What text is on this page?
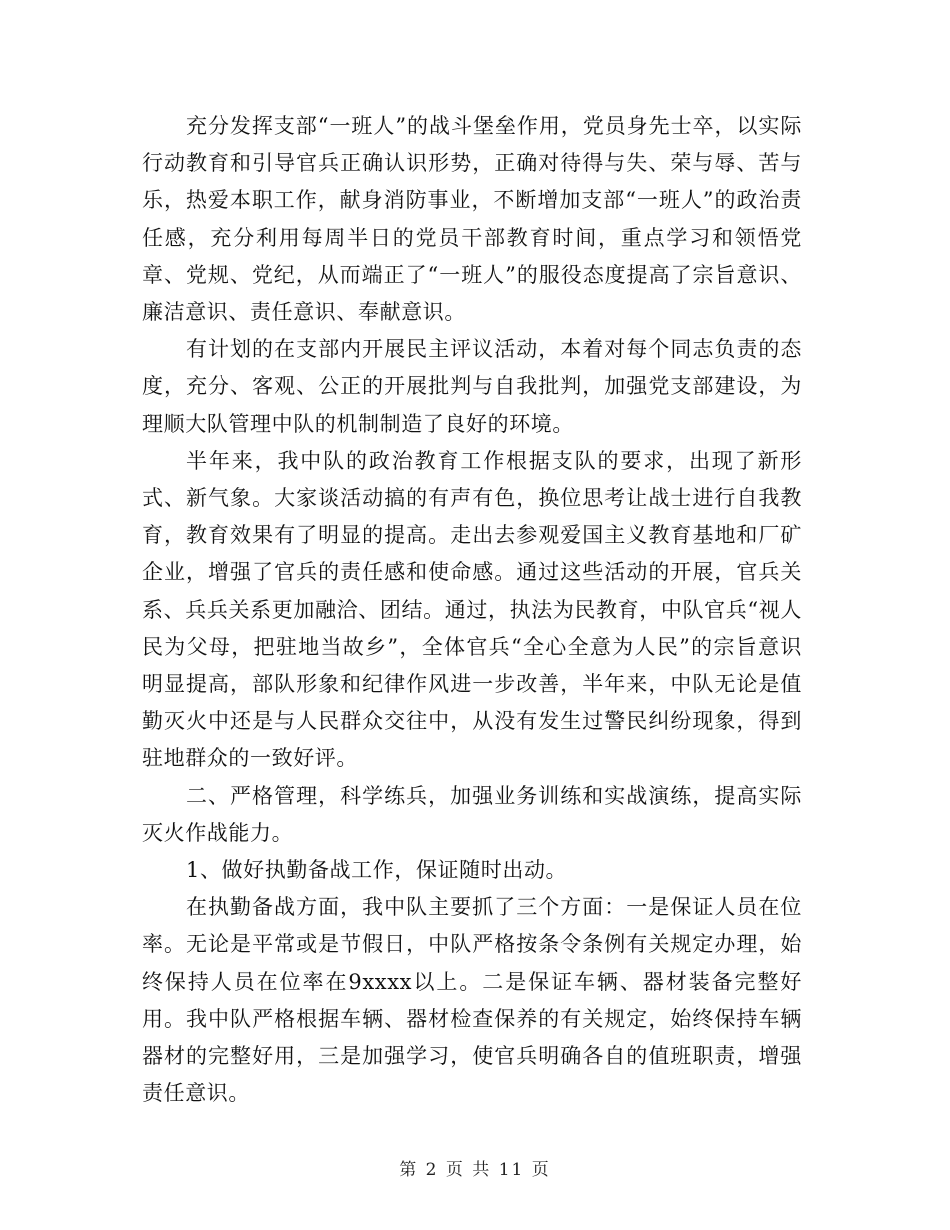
充分发挥支部“一班人”的战斗堡垒作用，党员身先士卒，以实际行动教育和引导官兵正确认识形势，正确对待得与失、荣与辱、苦与乐，热爱本职工作，献身消防事业，不断增加支部“一班人”的政治责任感，充分利用每周半日的党员干部教育时间，重点学习和领悟党章、党规、党纪，从而端正了“一班人”的服役态度提高了宗旨意识、廉洁意识、责任意识、奉献意识。

有计划的在支部内开展民主评议活动，本着对每个同志负责的态度，充分、客观、公正的开展批判与自我批判，加强党支部建设，为理顺大队管理中队的机制制造了良好的环境。

半年来，我中队的政治教育工作根据支队的要求，出现了新形式、新气象。大家谈活动搞的有声有色，换位思考让战士进行自我教育，教育效果有了明显的提高。走出去参观爱国主义教育基地和厂矿企业，增强了官兵的责任感和使命感。通过这些活动的开展，官兵关系、兵兵关系更加融洽、团结。通过，执法为民教育，中队官兵“视人民为父母，把驻地当故乡”，全体官兵“全心全意为人民”的宗旨意识明显提高，部队形象和纪律作风进一步改善，半年来，中队无论是值勤灭火中还是与人民群众交往中，从没有发生过警民纠纷现象，得到驻地群众的一致好评。

二、严格管理，科学练兵，加强业务训练和实战演练，提高实际灭火作战能力。

1、做好执勤备战工作，保证随时出动。

在执勤备战方面，我中队主要抓了三个方面：一是保证人员在位率。无论是平常或是节假日，中队严格按条令条例有关规定办理，始终保持人员在位率在9xxxx以上。二是保证车辆、器材装备完整好用。我中队严格根据车辆、器材检查保养的有关规定，始终保持车辆器材的完整好用，三是加强学习，使官兵明确各自的值班职责，增强责任意识。

第 2 页 共 11 页
